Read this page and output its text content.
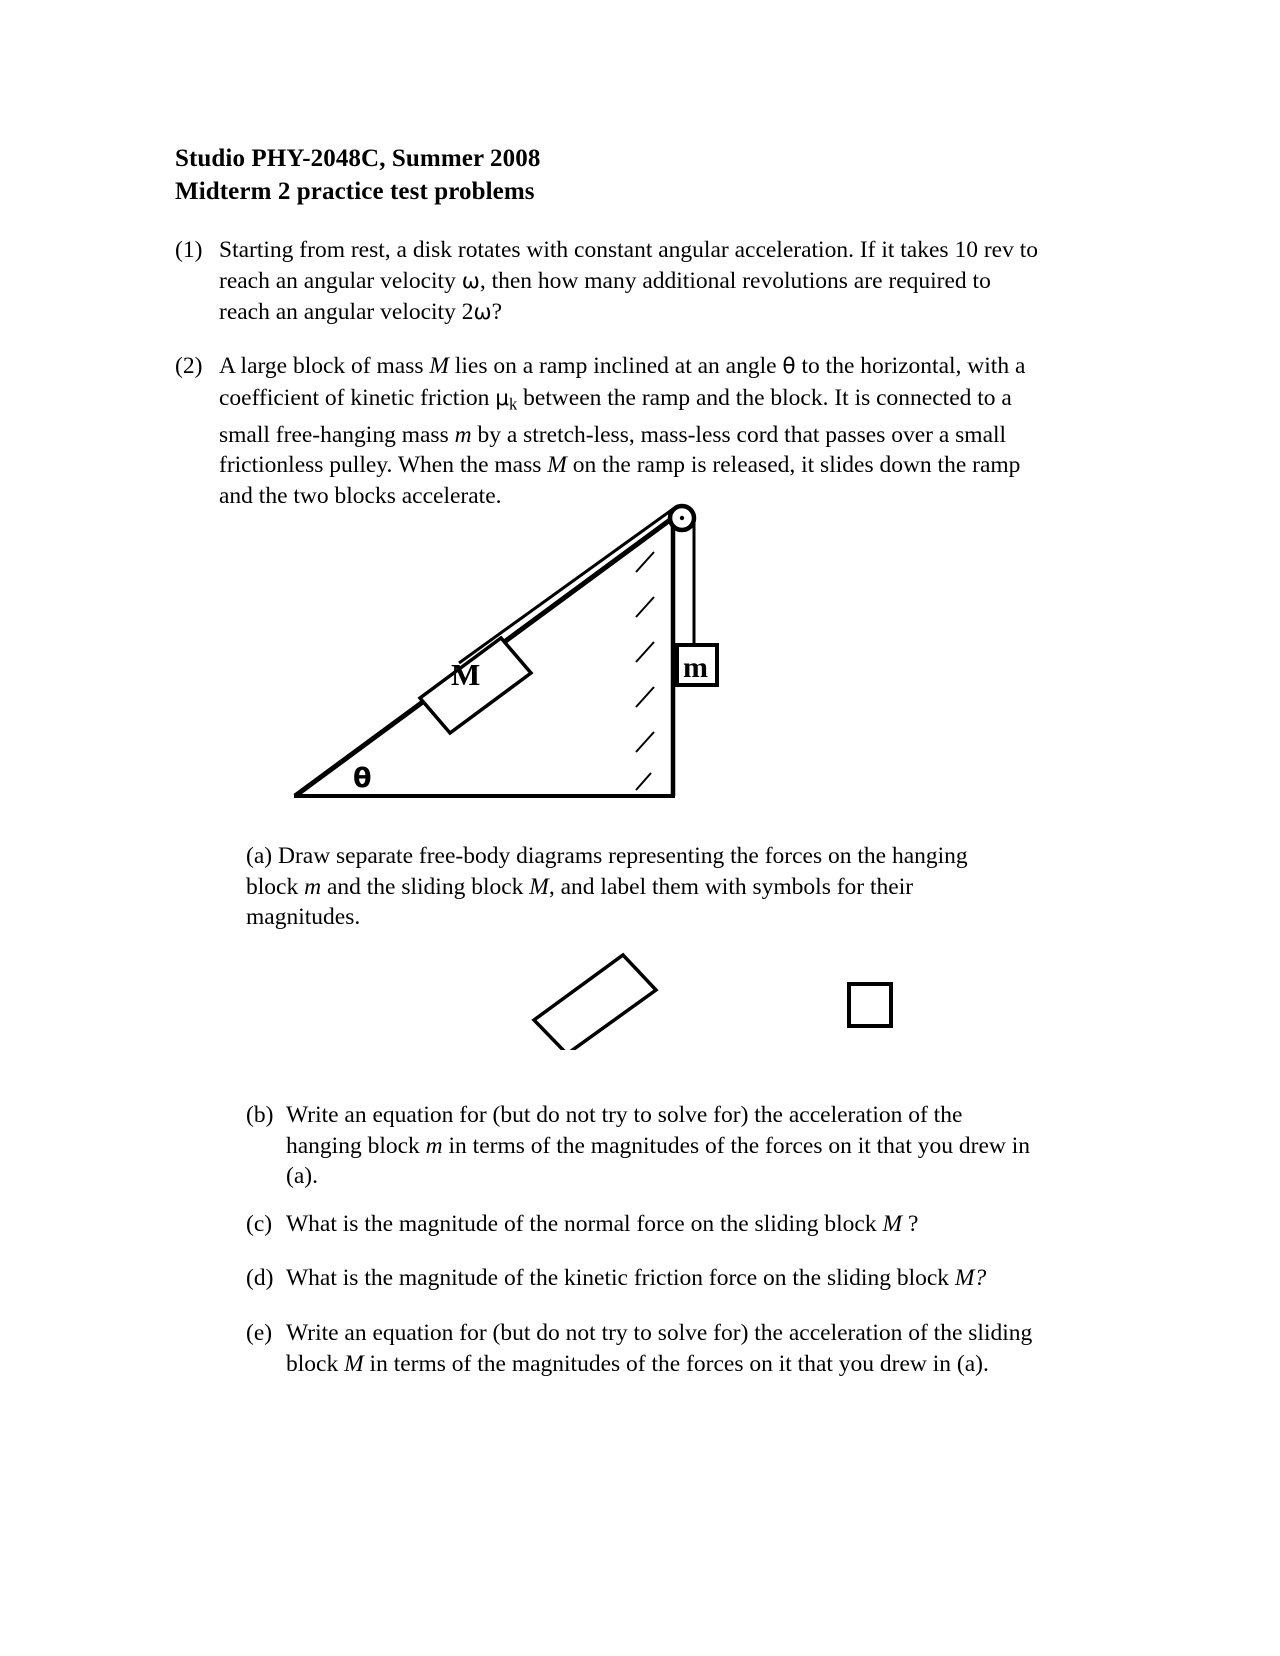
Studio PHY-2048C, Summer 2008
Midterm 2 practice test problems
(1) Starting from rest, a disk rotates with constant angular acceleration. If it takes 10 rev to reach an angular velocity ω, then how many additional revolutions are required to reach an angular velocity 2ω?
(2) A large block of mass M lies on a ramp inclined at an angle θ to the horizontal, with a coefficient of kinetic friction $\mu_k$ between the ramp and the block. It is connected to a small free-hanging mass m by a stretch-less, mass-less cord that passes over a small frictionless pulley. When the mass M on the ramp is released, it slides down the ramp and the two blocks accelerate.
M	m
θ
(a) Draw separate free-body diagrams representing the forces on the hanging block m and the sliding block M, and label them with symbols for their magnitudes.
(b) Write an equation for (but do not try to solve for) the acceleration of the hanging block m in terms of the magnitudes of the forces on it that you drew in (a).
(c) What is the magnitude of the normal force on the sliding block M ?
(d) What is the magnitude of the kinetic friction force on the sliding block M?
(e) Write an equation for (but do not try to solve for) the acceleration of the sliding block M in terms of the magnitudes of the forces on it that you drew in (a).
